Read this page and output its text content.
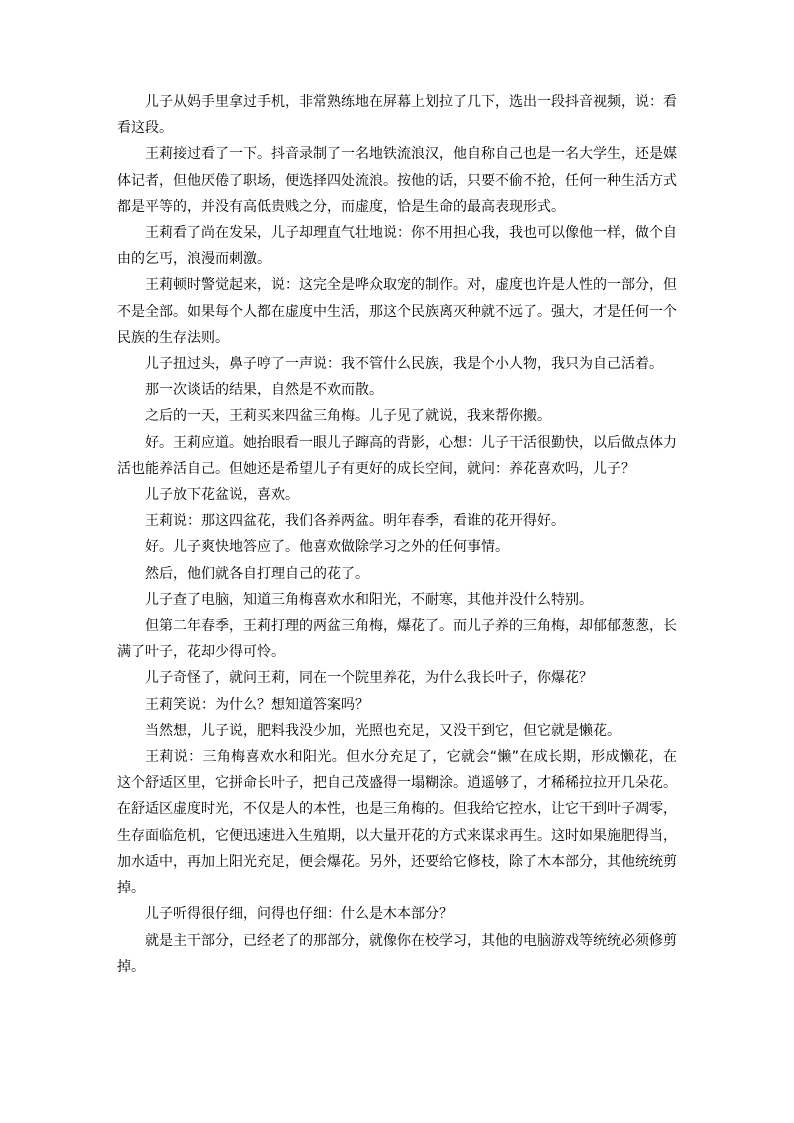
儿子从妈手里拿过手机，非常熟练地在屏幕上划拉了几下，选出一段抖音视频，说：看看这段。

王莉接过看了一下。抖音录制了一名地铁流浪汉，他自称自己也是一名大学生，还是媒体记者，但他厌倦了职场，便选择四处流浪。按他的话，只要不偷不抢，任何一种生活方式都是平等的，并没有高低贵贱之分，而虚度，恰是生命的最高表现形式。

王莉看了尚在发呆，儿子却理直气壮地说：你不用担心我，我也可以像他一样，做个自由的乞丐，浪漫而刺激。

王莉顿时警觉起来，说：这完全是哗众取宠的制作。对，虚度也许是人性的一部分，但不是全部。如果每个人都在虚度中生活，那这个民族离灭种就不远了。强大，才是任何一个民族的生存法则。

儿子扭过头，鼻子哼了一声说：我不管什么民族，我是个小人物，我只为自己活着。

那一次谈话的结果，自然是不欢而散。

之后的一天，王莉买来四盆三角梅。儿子见了就说，我来帮你搬。

好。王莉应道。她抬眼看一眼儿子蹿高的背影，心想：儿子干活很勤快，以后做点体力活也能养活自己。但她还是希望儿子有更好的成长空间，就问：养花喜欢吗，儿子？

儿子放下花盆说，喜欢。

王莉说：那这四盆花，我们各养两盆。明年春季，看谁的花开得好。

好。儿子爽快地答应了。他喜欢做除学习之外的任何事情。

然后，他们就各自打理自己的花了。

儿子查了电脑，知道三角梅喜欢水和阳光，不耐寒，其他并没什么特别。

但第二年春季，王莉打理的两盆三角梅，爆花了。而儿子养的三角梅，却郁郁葱葱，长满了叶子，花却少得可怜。

儿子奇怪了，就问王莉，同在一个院里养花，为什么我长叶子，你爆花？

王莉笑说：为什么？想知道答案吗？

当然想，儿子说，肥料我没少加，光照也充足，又没干到它，但它就是懒花。

王莉说：三角梅喜欢水和阳光。但水分充足了，它就会“懒”在成长期，形成懒花，在这个舒适区里，它拼命长叶子，把自己茂盛得一塌糊涂。逍遥够了，才稀稀拉拉开几朵花。在舒适区虚度时光，不仅是人的本性，也是三角梅的。但我给它控水，让它干到叶子凋零，生存面临危机，它便迅速进入生殖期，以大量开花的方式来谋求再生。这时如果施肥得当，加水适中，再加上阳光充足，便会爆花。另外，还要给它修枝，除了木本部分，其他统统剪掉。

儿子听得很仔细，问得也仔细：什么是木本部分？

就是主干部分，已经老了的那部分，就像你在校学习，其他的电脑游戏等统统必须修剪掉。
